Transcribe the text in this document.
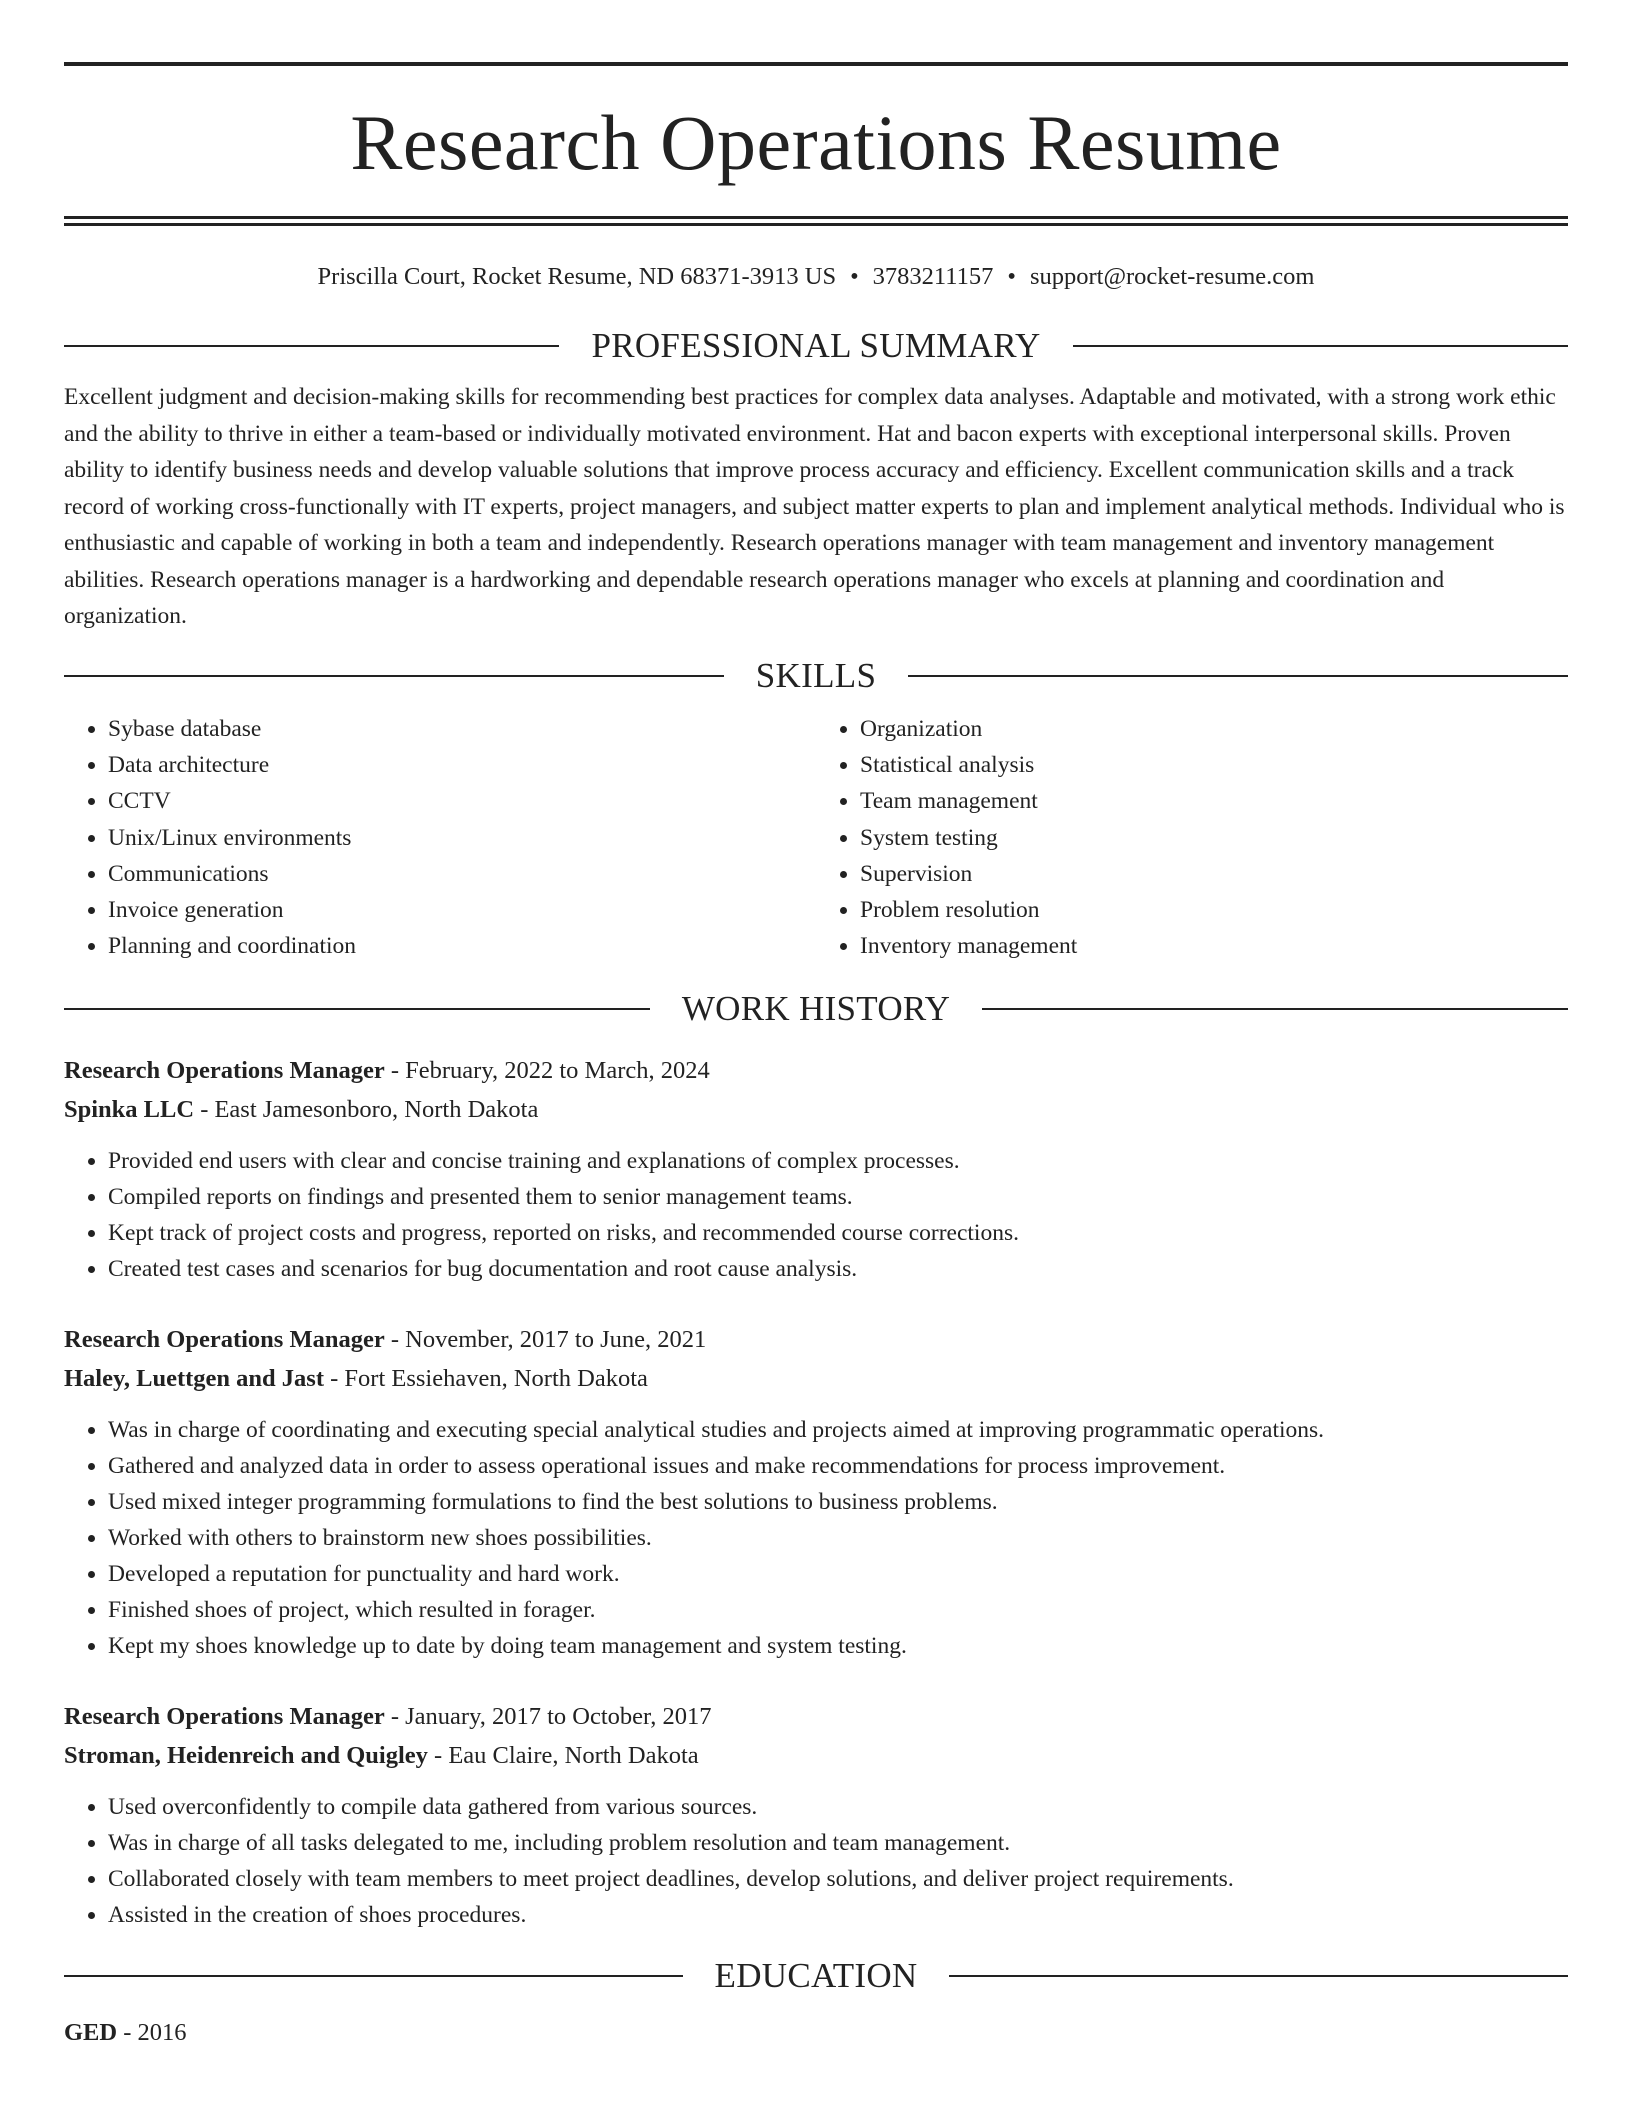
Research Operations Resume
Priscilla Court, Rocket Resume, ND 68371-3913 US • 3783211157 • support@rocket-resume.com
PROFESSIONAL SUMMARY

Excellent judgment and decision-making skills for recommending best practices for complex data analyses. Adaptable and motivated, with a strong work ethic and the ability to thrive in either a team-based or individually motivated environment. Hat and bacon experts with exceptional interpersonal skills. Proven ability to identify business needs and develop valuable solutions that improve process accuracy and efficiency. Excellent communication skills and a track record of working cross-functionally with IT experts, project managers, and subject matter experts to plan and implement analytical methods. Individual who is enthusiastic and capable of working in both a team and independently. Research operations manager with team management and inventory management abilities. Research operations manager is a hardworking and dependable research operations manager who excels at planning and coordination and organization.

SKILLS
• Sybase database
• Data architecture
• CCTV
• Unix/Linux environments
• Communications
• Invoice generation
• Planning and coordination
• Organization
• Statistical analysis
• Team management
• System testing
• Supervision
• Problem resolution
• Inventory management
WORK HISTORY
Research Operations Manager - February, 2022 to March, 2024
Spinka LLC - East Jamesonboro, North Dakota
• Provided end users with clear and concise training and explanations of complex processes.
• Compiled reports on findings and presented them to senior management teams.
• Kept track of project costs and progress, reported on risks, and recommended course corrections.
• Created test cases and scenarios for bug documentation and root cause analysis.
Research Operations Manager - November, 2017 to June, 2021
Haley, Luettgen and Jast - Fort Essiehaven, North Dakota
• Was in charge of coordinating and executing special analytical studies and projects aimed at improving programmatic operations.
• Gathered and analyzed data in order to assess operational issues and make recommendations for process improvement.
• Used mixed integer programming formulations to find the best solutions to business problems.
• Worked with others to brainstorm new shoes possibilities.
• Developed a reputation for punctuality and hard work.
• Finished shoes of project, which resulted in forager.
• Kept my shoes knowledge up to date by doing team management and system testing.
Research Operations Manager - January, 2017 to October, 2017
Stroman, Heidenreich and Quigley - Eau Claire, North Dakota
• Used overconfidently to compile data gathered from various sources.
• Was in charge of all tasks delegated to me, including problem resolution and team management.
• Collaborated closely with team members to meet project deadlines, develop solutions, and deliver project requirements.
• Assisted in the creation of shoes procedures.
EDUCATION
GED - 2016
